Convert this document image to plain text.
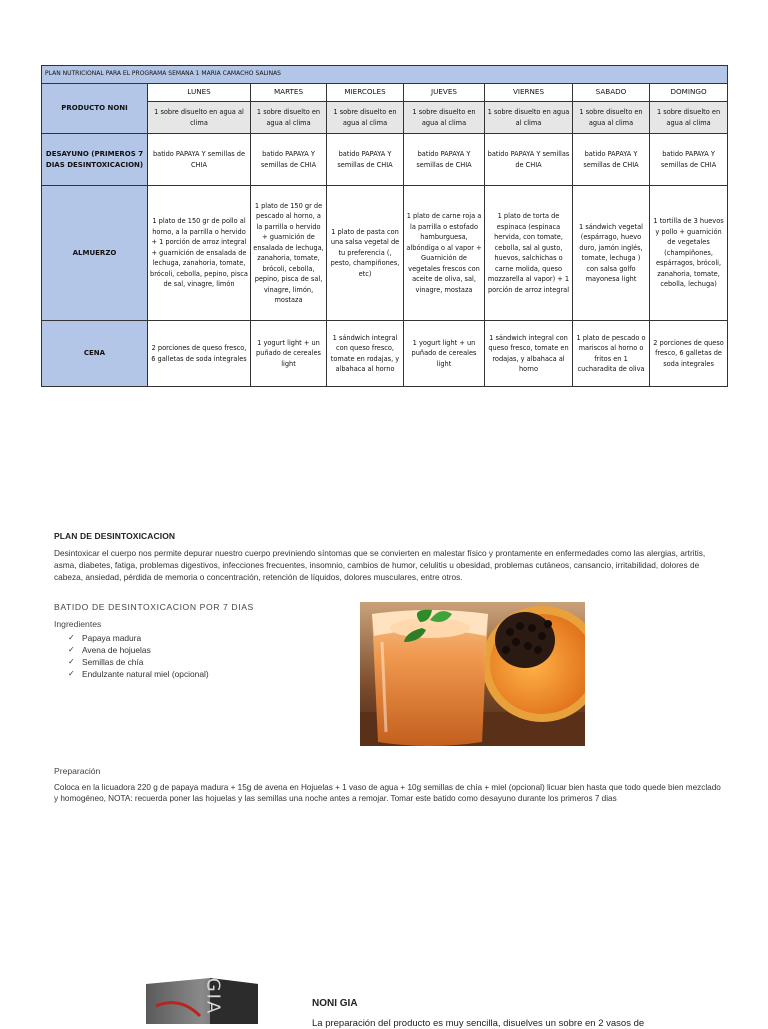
PLAN NUTRICIONAL PARA EL PROGRAMA SEMANA 1 MARIA CAMACHO SALINAS							
PRODUCTO NONI	LUNES	MARTES	MIERCOLES	JUEVES	VIERNES	SABADO	DOMINGO
	1 sobre disuelto en agua al clima	1 sobre disuelto en agua al clima	1 sobre disuelto en agua al clima	1 sobre disuelto en agua al clima	1 sobre disuelto en agua al clima	1 sobre disuelto en agua al clima	1 sobre disuelto en agua al clima
DESAYUNO (PRIMEROS 7 DIAS DESINTOXICACION)	batido PAPAYA Y semillas de CHIA	batido PAPAYA Y semillas de CHIA	batido PAPAYA Y semillas de CHIA	batido PAPAYA Y semillas de CHIA	batido PAPAYA Y semillas de CHIA	batido PAPAYA Y semillas de CHIA	batido PAPAYA Y semillas de CHIA
ALMUERZO	1 plato de 150 gr de pollo al horno, a la parrilla o hervido + 1 porción de arroz integral + guarnición de ensalada de lechuga, zanahoria, tomate, brócoli, cebolla, pepino, pisca de sal, vinagre, limón	1 plato de 150 gr de pescado al horno, a la parrilla o hervido + guarnición de ensalada de lechuga, zanahoria, tomate, brócoli, cebolla, pepino, pisca de sal, vinagre, limón, mostaza	1 plato de pasta con una salsa vegetal de tu preferencia (, pesto, champiñones, etc)	1 plato de carne roja a la parrilla o estofado hamburguesa, albóndiga o al vapor + Guarnición de vegetales frescos con aceite de oliva, sal, vinagre, mostaza	1 plato de torta de espinaca (espinaca hervida, con tomate, cebolla, sal al gusto, huevos, salchichas o carne molida, queso mozzarella al vapor) + 1 porción de arroz integral	1 sándwich vegetal (espárrago, huevo duro, jamón inglés, tomate, lechuga ) con salsa golfo mayonesa light	1 tortilla de 3 huevos y pollo + guarnición de vegetales (champiñones, espárragos, brócoli, zanahoria, tomate, cebolla, lechuga)
CENA	2 porciones de queso fresco, 6 galletas de soda integrales	1 yogurt light + un puñado de cereales light	1 sándwich integral con queso fresco, tomate en rodajas, y albahaca al horno	1 yogurt light + un puñado de cereales light	1 sándwich integral con queso fresco, tomate en rodajas, y albahaca al horno	1 plato de pescado o mariscos al horno o fritos en 1 cucharadita de oliva	2 porciones de queso fresco, 6 galletas de soda integrales
PLAN DE DESINTOXICACION
Desintoxicar el cuerpo nos permite depurar nuestro cuerpo previniendo síntomas que se convierten en malestar físico y prontamente en enfermedades como las alergias, artritis, asma, diabetes, fatiga, problemas digestivos, infecciones frecuentes, insomnio, cambios de humor, celulitis u obesidad, problemas cutáneos, cansancio, irritabilidad, dolores de cabeza, ansiedad, pérdida de memoria o concentración, retención de líquidos, dolores musculares, entre otros.
BATIDO DE DESINTOXICACION POR 7 DIAS
Ingredientes
✓ Papaya madura
✓ Avena de hojuelas
✓ Semillas de chía
✓ Endulzante natural miel (opcional)
Preparación
Coloca en la licuadora 220 g de papaya madura + 15g de avena en Hojuelas + 1 vaso de agua + 10g semillas de chía + miel (opcional) licuar bien hasta que todo quede bien mezclado y homogéneo, NOTA: recuerda poner las hojuelas y las semillas una noche antes a remojar. Tomar este batido como desayuno durante los primeros 7 dias
GIA	NONI GIA
La preparación del producto es muy sencilla, disuelves un sobre en 2 vasos de
